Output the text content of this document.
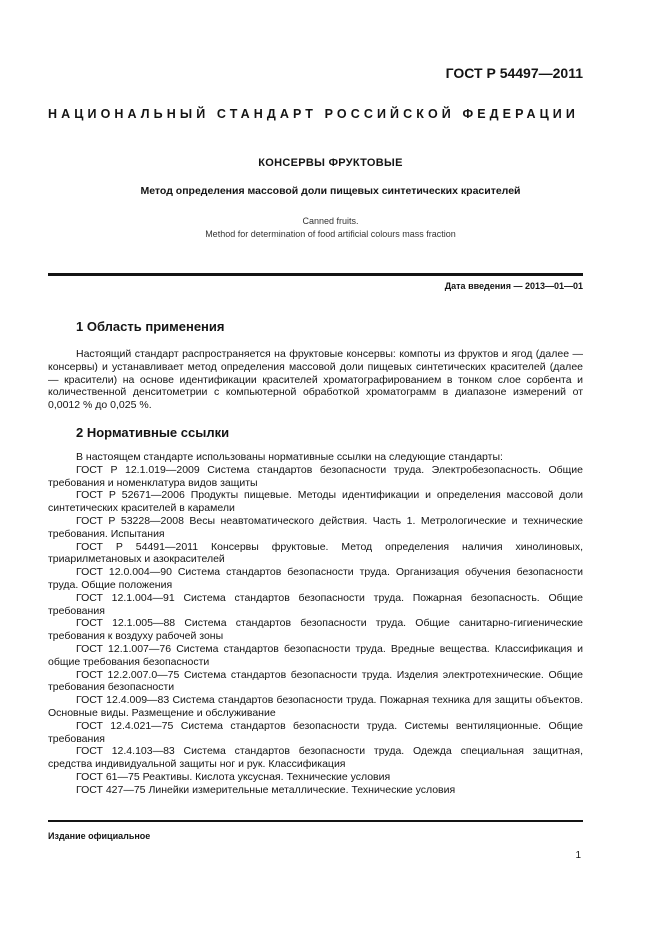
ГОСТ Р 54497—2011
НАЦИОНАЛЬНЫЙ СТАНДАРТ РОССИЙСКОЙ ФЕДЕРАЦИИ
КОНСЕРВЫ ФРУКТОВЫЕ
Метод определения массовой доли пищевых синтетических красителей
Canned fruits.
Method for determination of food artificial colours mass fraction
Дата введения — 2013—01—01
1 Область применения
Настоящий стандарт распространяется на фруктовые консервы: компоты из фруктов и ягод (далее — консервы) и устанавливает метод определения массовой доли пищевых синтетических красителей (далее — красители) на основе идентификации красителей хроматографированием в тонком слое сорбента и количественной денситометрии с компьютерной обработкой хроматограмм в диапазоне измерений от 0,0012 % до 0,025 %.
2 Нормативные ссылки

В настоящем стандарте использованы нормативные ссылки на следующие стандарты:

ГОСТ Р 12.1.019—2009 Система стандартов безопасности труда. Электробезопасность. Общие требования и номенклатура видов защиты

ГОСТ Р 52671—2006 Продукты пищевые. Методы идентификации и определения массовой доли синтетических красителей в карамели

ГОСТ Р 53228—2008 Весы неавтоматического действия. Часть 1. Метрологические и технические требования. Испытания

ГОСТ Р 54491—2011 Консервы фруктовые. Метод определения наличия хинолиновых, триарилметановых и азокрасителей

ГОСТ 12.0.004—90 Система стандартов безопасности труда. Организация обучения безопасности труда. Общие положения

ГОСТ 12.1.004—91 Система стандартов безопасности труда. Пожарная безопасность. Общие требования

ГОСТ 12.1.005—88 Система стандартов безопасности труда. Общие санитарно-гигиенические требования к воздуху рабочей зоны

ГОСТ 12.1.007—76 Система стандартов безопасности труда. Вредные вещества. Классификация и общие требования безопасности

ГОСТ 12.2.007.0—75 Система стандартов безопасности труда. Изделия электротехнические. Общие требования безопасности

ГОСТ 12.4.009—83 Система стандартов безопасности труда. Пожарная техника для защиты объектов. Основные виды. Размещение и обслуживание

ГОСТ 12.4.021—75 Система стандартов безопасности труда. Системы вентиляционные. Общие требования

ГОСТ 12.4.103—83 Система стандартов безопасности труда. Одежда специальная защитная, средства индивидуальной защиты ног и рук. Классификация

ГОСТ 61—75 Реактивы. Кислота уксусная. Технические условия

ГОСТ 427—75 Линейки измерительные металлические. Технические условия

Издание официальное
1
